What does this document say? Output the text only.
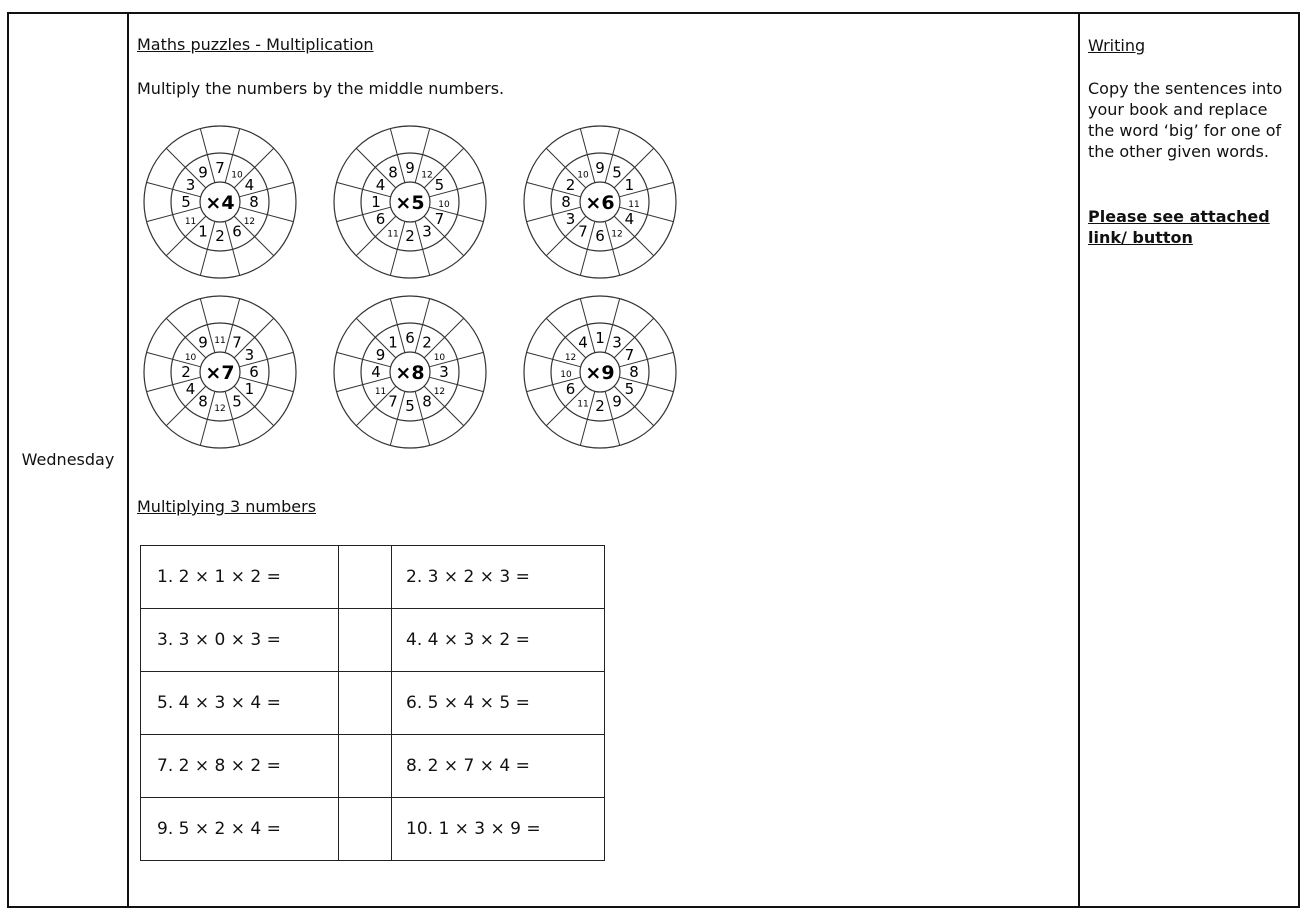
Wednesday
Maths puzzles - Multiplication
Multiply the numbers by the middle numbers.
7 10
4
8
12
6
2
1
11
5
3
9
×4
9 12
5
10
7
3
2
11
6
1
4
8
×5
9 5
1
11
4
12
6
7
3
8
2
10
×6
11 7
3
6
1
5
12
8
4
2
10
9
×7
6 2
10
3
12
8
5
7
11
4
9
1
×8
1 3
7
8
5
9
2
11
6
10
12
4
×9
Multiplying 3 numbers
1. 2 × 1 × 2 =		2. 3 × 2 × 3 =
3. 3 × 0 × 3 =		4. 4 × 3 × 2 =
5. 4 × 3 × 4 =		6. 5 × 4 × 5 =
7. 2 × 8 × 2 =		8. 2 × 7 × 4 =
9. 5 × 2 × 4 =		10. 1 × 3 × 9 =
Writing
Copy the sentences into your book and replace the word ‘big’ for one of the other given words.
Please see attached link/ button
